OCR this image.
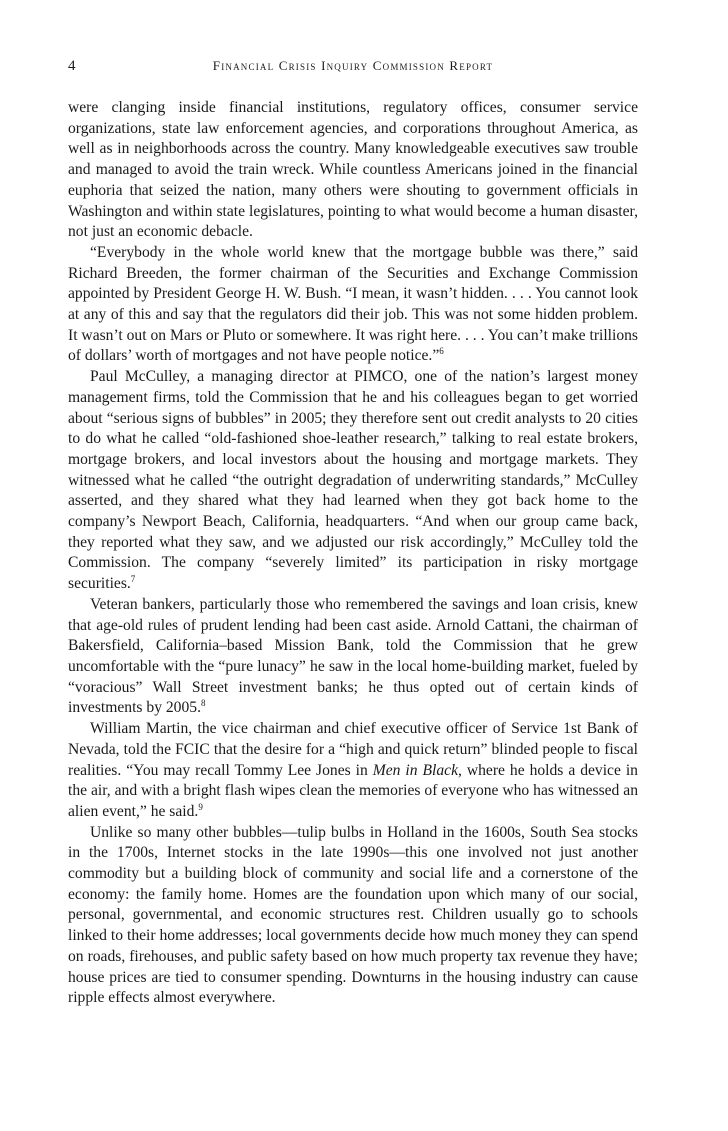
4	Financial Crisis Inquiry Commission Report

were clanging inside financial institutions, regulatory offices, consumer service organizations, state law enforcement agencies, and corporations throughout America, as well as in neighborhoods across the country. Many knowledgeable executives saw trouble and managed to avoid the train wreck. While countless Americans joined in the financial euphoria that seized the nation, many others were shouting to government officials in Washington and within state legislatures, pointing to what would become a human disaster, not just an economic debacle.

“Everybody in the whole world knew that the mortgage bubble was there,” said Richard Breeden, the former chairman of the Securities and Exchange Commission appointed by President George H. W. Bush. “I mean, it wasn’t hidden. . . . You cannot look at any of this and say that the regulators did their job. This was not some hidden problem. It wasn’t out on Mars or Pluto or somewhere. It was right here. . . . You can’t make trillions of dollars’ worth of mortgages and not have people notice.”$^6$

Paul McCulley, a managing director at PIMCO, one of the nation’s largest money management firms, told the Commission that he and his colleagues began to get worried about “serious signs of bubbles” in 2005; they therefore sent out credit analysts to 20 cities to do what he called “old-fashioned shoe-leather research,” talking to real estate brokers, mortgage brokers, and local investors about the housing and mortgage markets. They witnessed what he called “the outright degradation of underwriting standards,” McCulley asserted, and they shared what they had learned when they got back home to the company’s Newport Beach, California, headquarters. “And when our group came back, they reported what they saw, and we adjusted our risk accordingly,” McCulley told the Commission. The company “severely limited” its participation in risky mortgage securities.$^7$

Veteran bankers, particularly those who remembered the savings and loan crisis, knew that age-old rules of prudent lending had been cast aside. Arnold Cattani, the chairman of Bakersfield, California–based Mission Bank, told the Commission that he grew uncomfortable with the “pure lunacy” he saw in the local home-building market, fueled by “voracious” Wall Street investment banks; he thus opted out of certain kinds of investments by 2005.$^8$

William Martin, the vice chairman and chief executive officer of Service 1st Bank of Nevada, told the FCIC that the desire for a “high and quick return” blinded people to fiscal realities. “You may recall Tommy Lee Jones in Men in Black, where he holds a device in the air, and with a bright flash wipes clean the memories of everyone who has witnessed an alien event,” he said.$^9$

Unlike so many other bubbles—tulip bulbs in Holland in the 1600s, South Sea stocks in the 1700s, Internet stocks in the late 1990s—this one involved not just another commodity but a building block of community and social life and a cornerstone of the economy: the family home. Homes are the foundation upon which many of our social, personal, governmental, and economic structures rest. Children usually go to schools linked to their home addresses; local governments decide how much money they can spend on roads, firehouses, and public safety based on how much property tax revenue they have; house prices are tied to consumer spending. Downturns in the housing industry can cause ripple effects almost everywhere.
